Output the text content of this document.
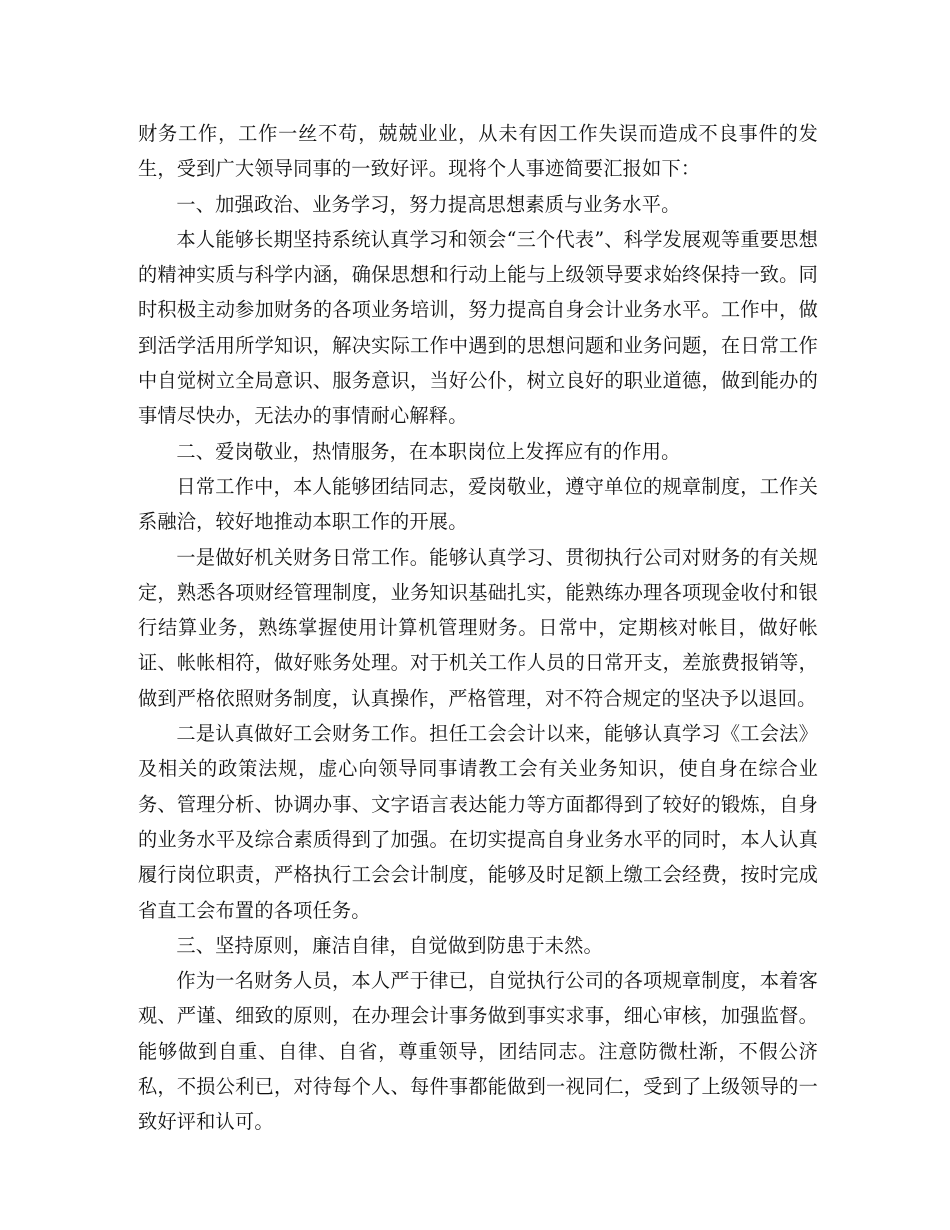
财务工作，工作一丝不苟，兢兢业业，从未有因工作失误而造成不良事件的发生，受到广大领导同事的一致好评。现将个人事迹简要汇报如下：

一、加强政治、业务学习，努力提高思想素质与业务水平。

本人能够长期坚持系统认真学习和领会“三个代表”、科学发展观等重要思想的精神实质与科学内涵，确保思想和行动上能与上级领导要求始终保持一致。同时积极主动参加财务的各项业务培训，努力提高自身会计业务水平。工作中，做到活学活用所学知识，解决实际工作中遇到的思想问题和业务问题，在日常工作中自觉树立全局意识、服务意识，当好公仆，树立良好的职业道德，做到能办的事情尽快办，无法办的事情耐心解释。

二、爱岗敬业，热情服务，在本职岗位上发挥应有的作用。

日常工作中，本人能够团结同志，爱岗敬业，遵守单位的规章制度，工作关系融洽，较好地推动本职工作的开展。

一是做好机关财务日常工作。能够认真学习、贯彻执行公司对财务的有关规定，熟悉各项财经管理制度，业务知识基础扎实，能熟练办理各项现金收付和银行结算业务，熟练掌握使用计算机管理财务。日常中，定期核对帐目，做好帐证、帐帐相符，做好账务处理。对于机关工作人员的日常开支，差旅费报销等，做到严格依照财务制度，认真操作，严格管理，对不符合规定的坚决予以退回。

二是认真做好工会财务工作。担任工会会计以来，能够认真学习《工会法》及相关的政策法规，虚心向领导同事请教工会有关业务知识，使自身在综合业务、管理分析、协调办事、文字语言表达能力等方面都得到了较好的锻炼，自身的业务水平及综合素质得到了加强。在切实提高自身业务水平的同时，本人认真履行岗位职责，严格执行工会会计制度，能够及时足额上缴工会经费，按时完成省直工会布置的各项任务。

三、坚持原则，廉洁自律，自觉做到防患于未然。

作为一名财务人员，本人严于律已，自觉执行公司的各项规章制度，本着客观、严谨、细致的原则，在办理会计事务做到事实求事，细心审核，加强监督。能够做到自重、自律、自省，尊重领导，团结同志。注意防微杜渐，不假公济私，不损公利已，对待每个人、每件事都能做到一视同仁，受到了上级领导的一致好评和认可。
